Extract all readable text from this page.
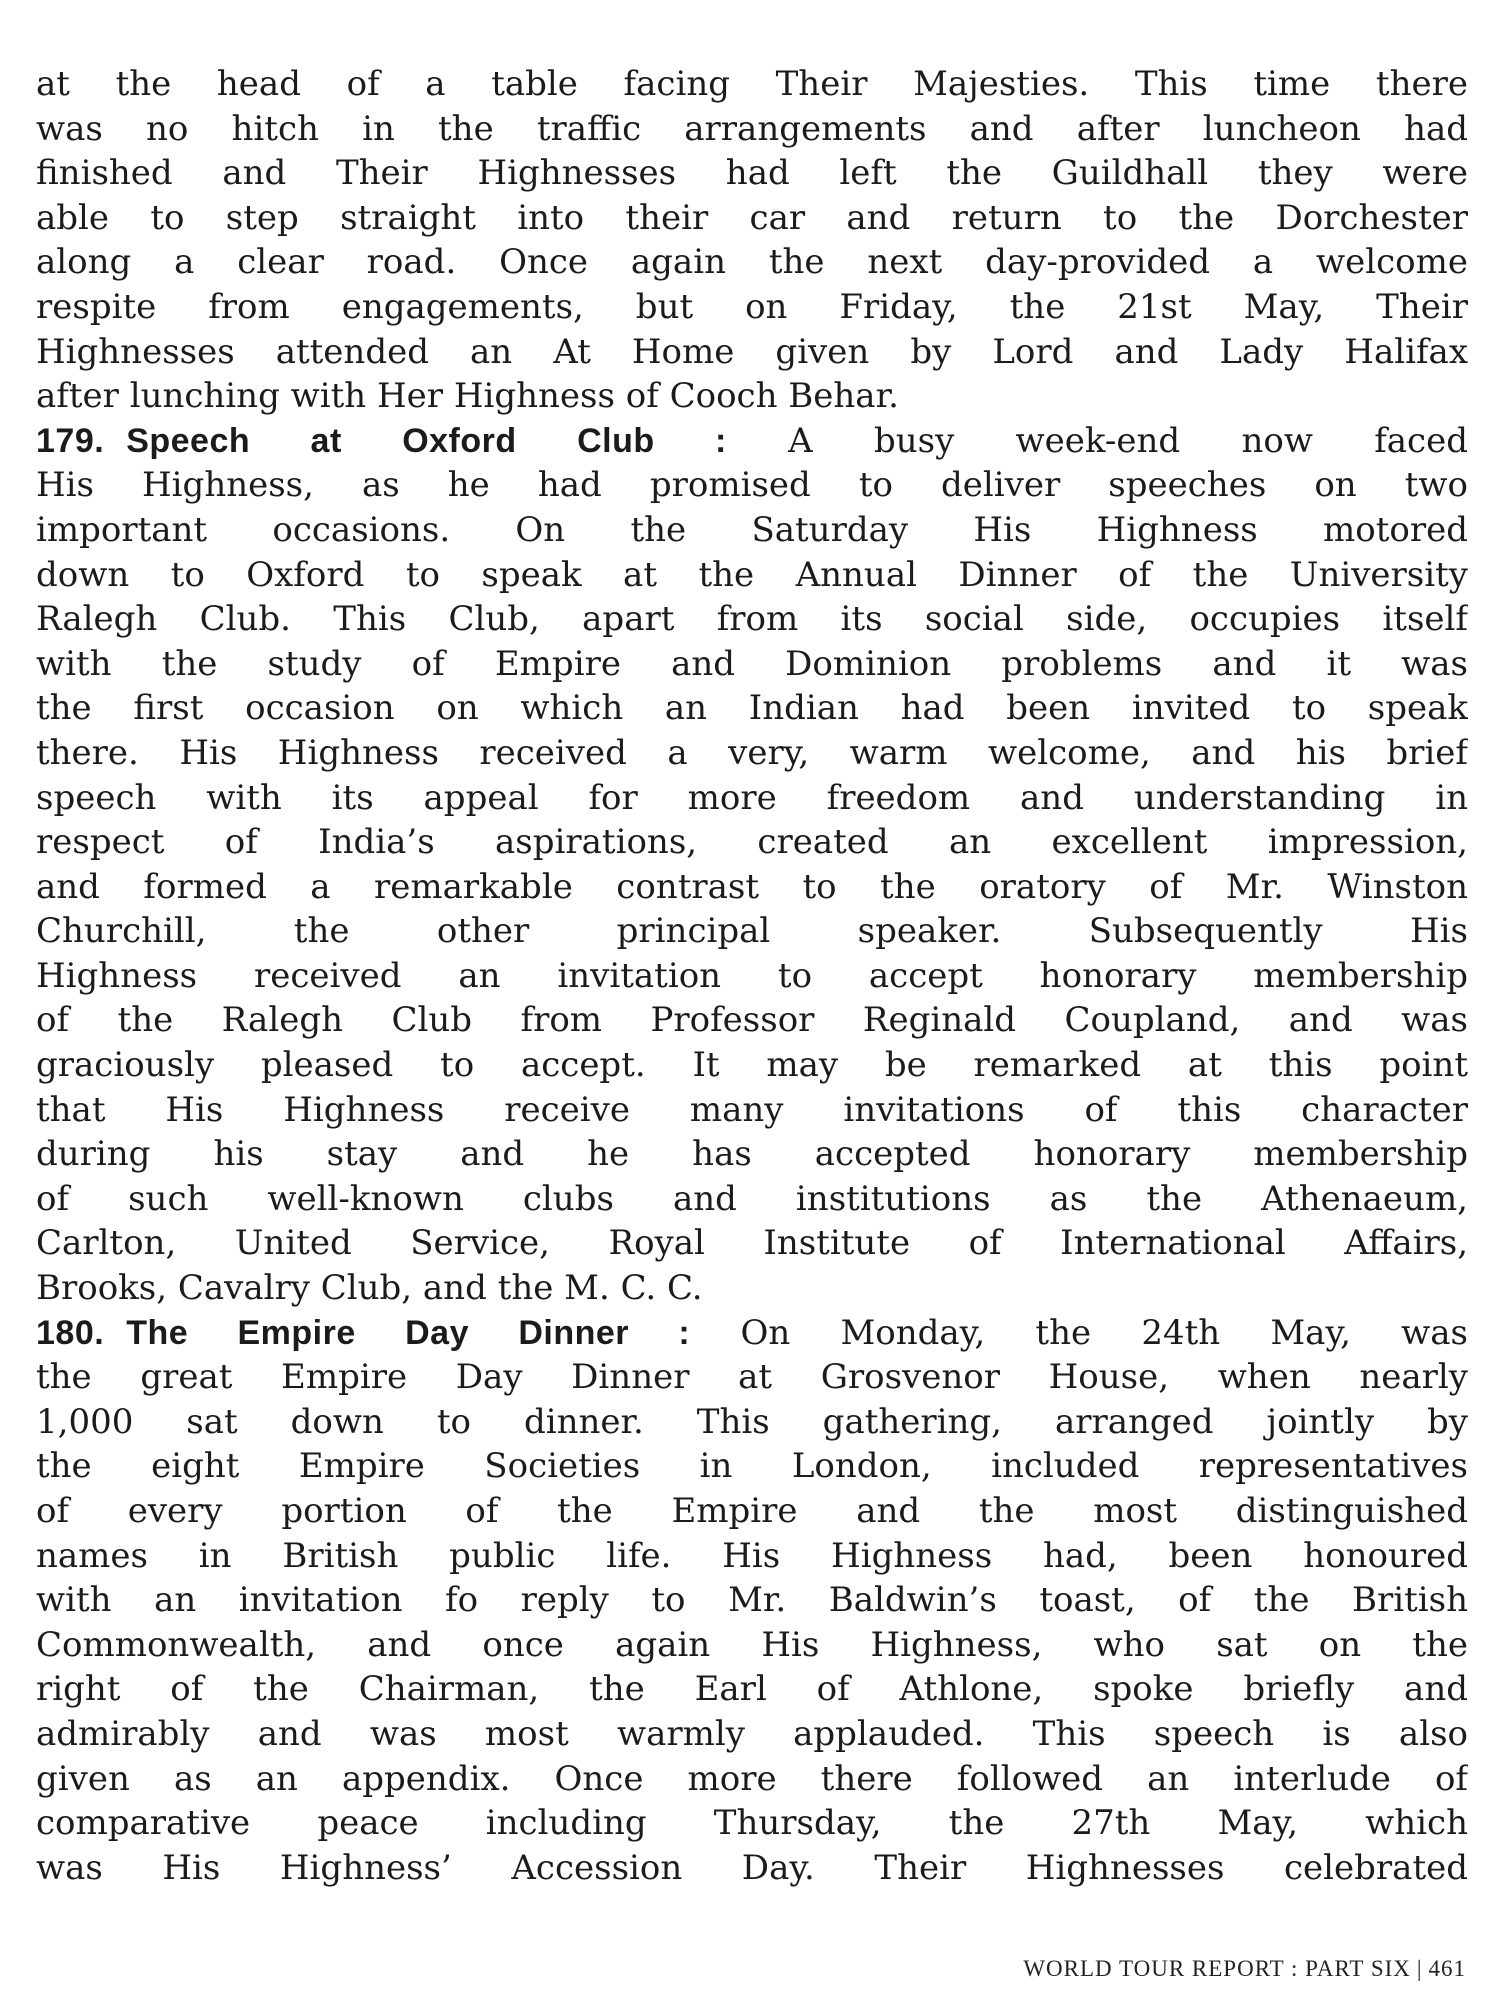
at the head of a table facing Their Majesties. This time there
was no hitch in the traffic arrangements and after luncheon had
finished and Their Highnesses had left the Guildhall they were
able to step straight into their car and return to the Dorchester
along a clear road. Once again the next day-provided a welcome
respite from engagements, but on Friday, the 21st May, Their
Highnesses attended an At Home given by Lord and Lady Halifax
after lunching with Her Highness of Cooch Behar.
179. Speech at Oxford Club : A busy week-end now faced
His Highness, as he had promised to deliver speeches on two
important occasions. On the Saturday His Highness motored
down to Oxford to speak at the Annual Dinner of the University
Ralegh Club. This Club, apart from its social side, occupies itself
with the study of Empire and Dominion problems and it was
the first occasion on which an Indian had been invited to speak
there. His Highness received a very, warm welcome, and his brief
speech with its appeal for more freedom and understanding in
respect of India’s aspirations, created an excellent impression,
and formed a remarkable contrast to the oratory of Mr. Winston
Churchill, the other principal speaker. Subsequently His
Highness received an invitation to accept honorary membership
of the Ralegh Club from Professor Reginald Coupland, and was
graciously pleased to accept. It may be remarked at this point
that His Highness receive many invitations of this character
during his stay and he has accepted honorary membership
of such well-known clubs and institutions as the Athenaeum,
Carlton, United Service, Royal Institute of International Affairs,
Brooks, Cavalry Club, and the M. C. C.
180. The Empire Day Dinner : On Monday, the 24th May, was
the great Empire Day Dinner at Grosvenor House, when nearly
1,000 sat down to dinner. This gathering, arranged jointly by
the eight Empire Societies in London, included representatives
of every portion of the Empire and the most distinguished
names in British public life. His Highness had, been honoured
with an invitation fo reply to Mr. Baldwin’s toast, of the British
Commonwealth, and once again His Highness, who sat on the
right of the Chairman, the Earl of Athlone, spoke briefly and
admirably and was most warmly applauded. This speech is also
given as an appendix. Once more there followed an interlude of
comparative peace including Thursday, the 27th May, which
was His Highness’ Accession Day. Their Highnesses celebrated
WORLD TOUR REPORT : PART SIX | 461
